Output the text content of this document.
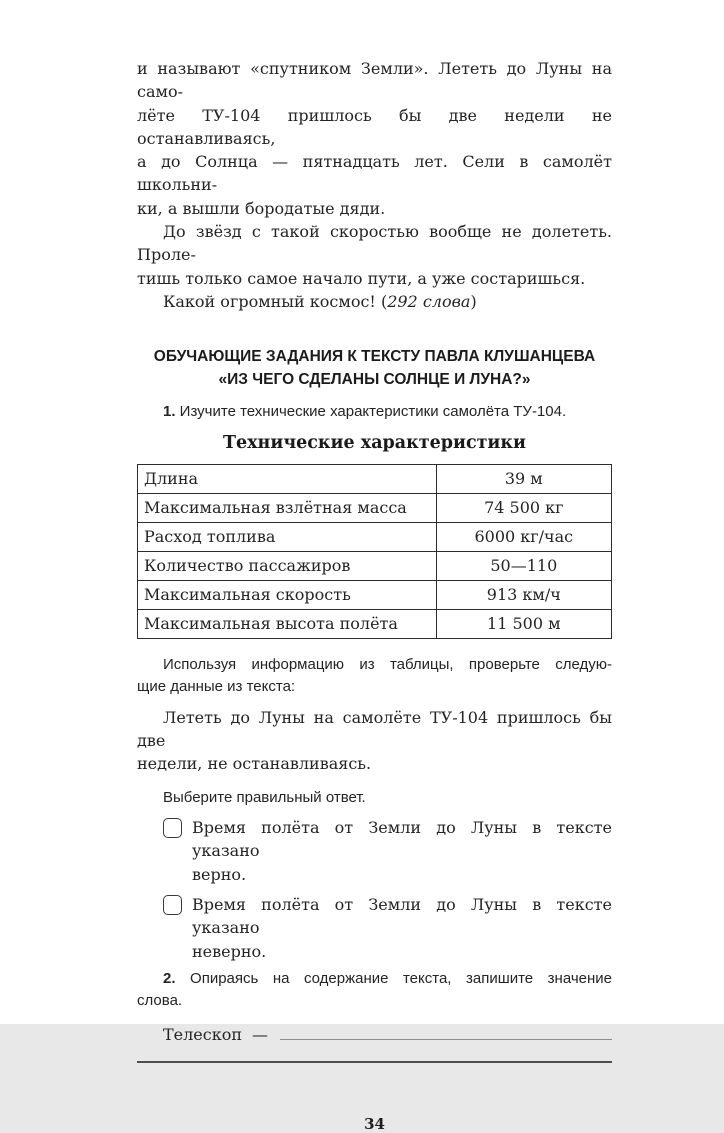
и называют «спутником Земли». Лететь до Луны на само-
лёте ТУ-104 пришлось бы две недели не останавливаясь,
а до Солнца — пятнадцать лет. Сели в самолёт школьни-
ки, а вышли бородатые дяди.
До звёзд с такой скоростью вообще не долететь. Проле-
тишь только самое начало пути, а уже состаришься.
Какой огромный космос! (292 слова)
ОБУЧАЮЩИЕ ЗАДАНИЯ К ТЕКСТУ ПАВЛА КЛУШАНЦЕВА
«ИЗ ЧЕГО СДЕЛАНЫ СОЛНЦЕ И ЛУНА?»
1. Изучите технические характеристики самолёта ТУ-104.
Технические характеристики
Длина	39 м
Максимальная взлётная масса	74 500 кг
Расход топлива	6000 кг/час
Количество пассажиров	50—110
Максимальная скорость	913 км/ч
Максимальная высота полёта	11 500 м
Используя информацию из таблицы, проверьте следую-
щие данные из текста:
Лететь до Луны на самолёте ТУ-104 пришлось бы две
недели, не останавливаясь.
Выберите правильный ответ.
Время полёта от Земли до Луны в тексте указано
верно.
Время полёта от Земли до Луны в тексте указано
неверно.
2. Опираясь на содержание текста, запишите значение
слова.
Телескоп —
34
